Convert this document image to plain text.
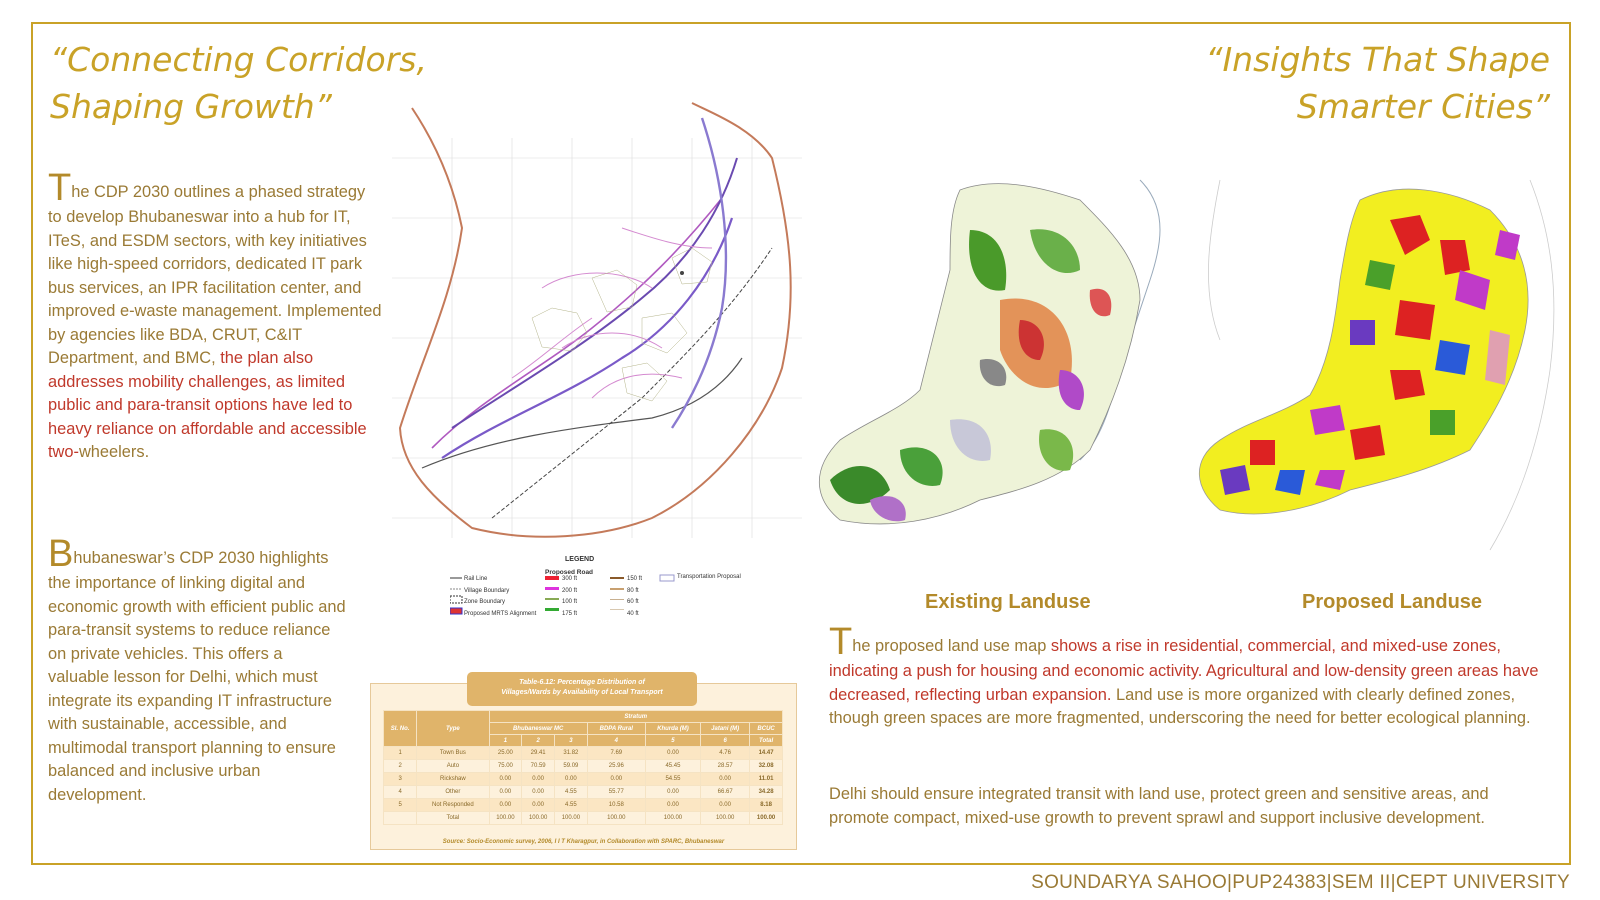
“Connecting Corridors,
Shaping Growth”
“Insights That Shape
Smarter Cities”
The CDP 2030 outlines a phased strategy to develop Bhubaneswar into a hub for IT, ITeS, and ESDM sectors, with key initiatives like high-speed corridors, dedicated IT park bus services, an IPR facilitation center, and improved e-waste management. Implemented by agencies like BDA, CRUT, C&IT Department, and BMC, the plan also addresses mobility challenges, as limited public and para-transit options have led to heavy reliance on affordable and accessible two-wheelers.
Bhubaneswar’s CDP 2030 highlights the importance of linking digital and economic growth with efficient public and para-transit systems to reduce reliance on private vehicles. This offers a valuable lesson for Delhi, which must integrate its expanding IT infrastructure with sustainable, accessible, and multimodal transport planning to ensure balanced and inclusive urban development.
LEGEND
Proposed Road
Rail Line
Village Boundary
Zone Boundary
Proposed MRTS Alignment
300 ft
200 ft
100 ft
175 ft
150 ft
80 ft
60 ft
40 ft
Transportation Proposal
Table-6.12: Percentage Distribution of
Villages/Wards by Availability of Local Transport
Sl. No.	Type	Stratum						
		Bhubaneswar MC			BDPA Rural	Khurda (M)	Jatani (M)	BCUC
		1	2	3	4	5	6	Total
1	Town Bus	25.00	29.41	31.82	7.69	0.00	4.76	14.47
2	Auto	75.00	70.59	59.09	25.96	45.45	28.57	32.08
3	Rickshaw	0.00	0.00	0.00	0.00	54.55	0.00	11.01
4	Other	0.00	0.00	4.55	55.77	0.00	66.67	34.28
5	Not Responded	0.00	0.00	4.55	10.58	0.00	0.00	8.18
	Total	100.00	100.00	100.00	100.00	100.00	100.00	100.00
Source: Socio-Economic survey, 2006, I I T Kharagpur, in Collaboration with SPARC, Bhubaneswar
Existing Landuse	Proposed Landuse
The proposed land use map shows a rise in residential, commercial, and mixed-use zones, indicating a push for housing and economic activity. Agricultural and low-density green areas have decreased, reflecting urban expansion. Land use is more organized with clearly defined zones, though green spaces are more fragmented, underscoring the need for better ecological planning.
Delhi should ensure integrated transit with land use, protect green and sensitive areas, and promote compact, mixed-use growth to prevent sprawl and support inclusive development.
SOUNDARYA SAHOO|PUP24383|SEM II|CEPT UNIVERSITY
